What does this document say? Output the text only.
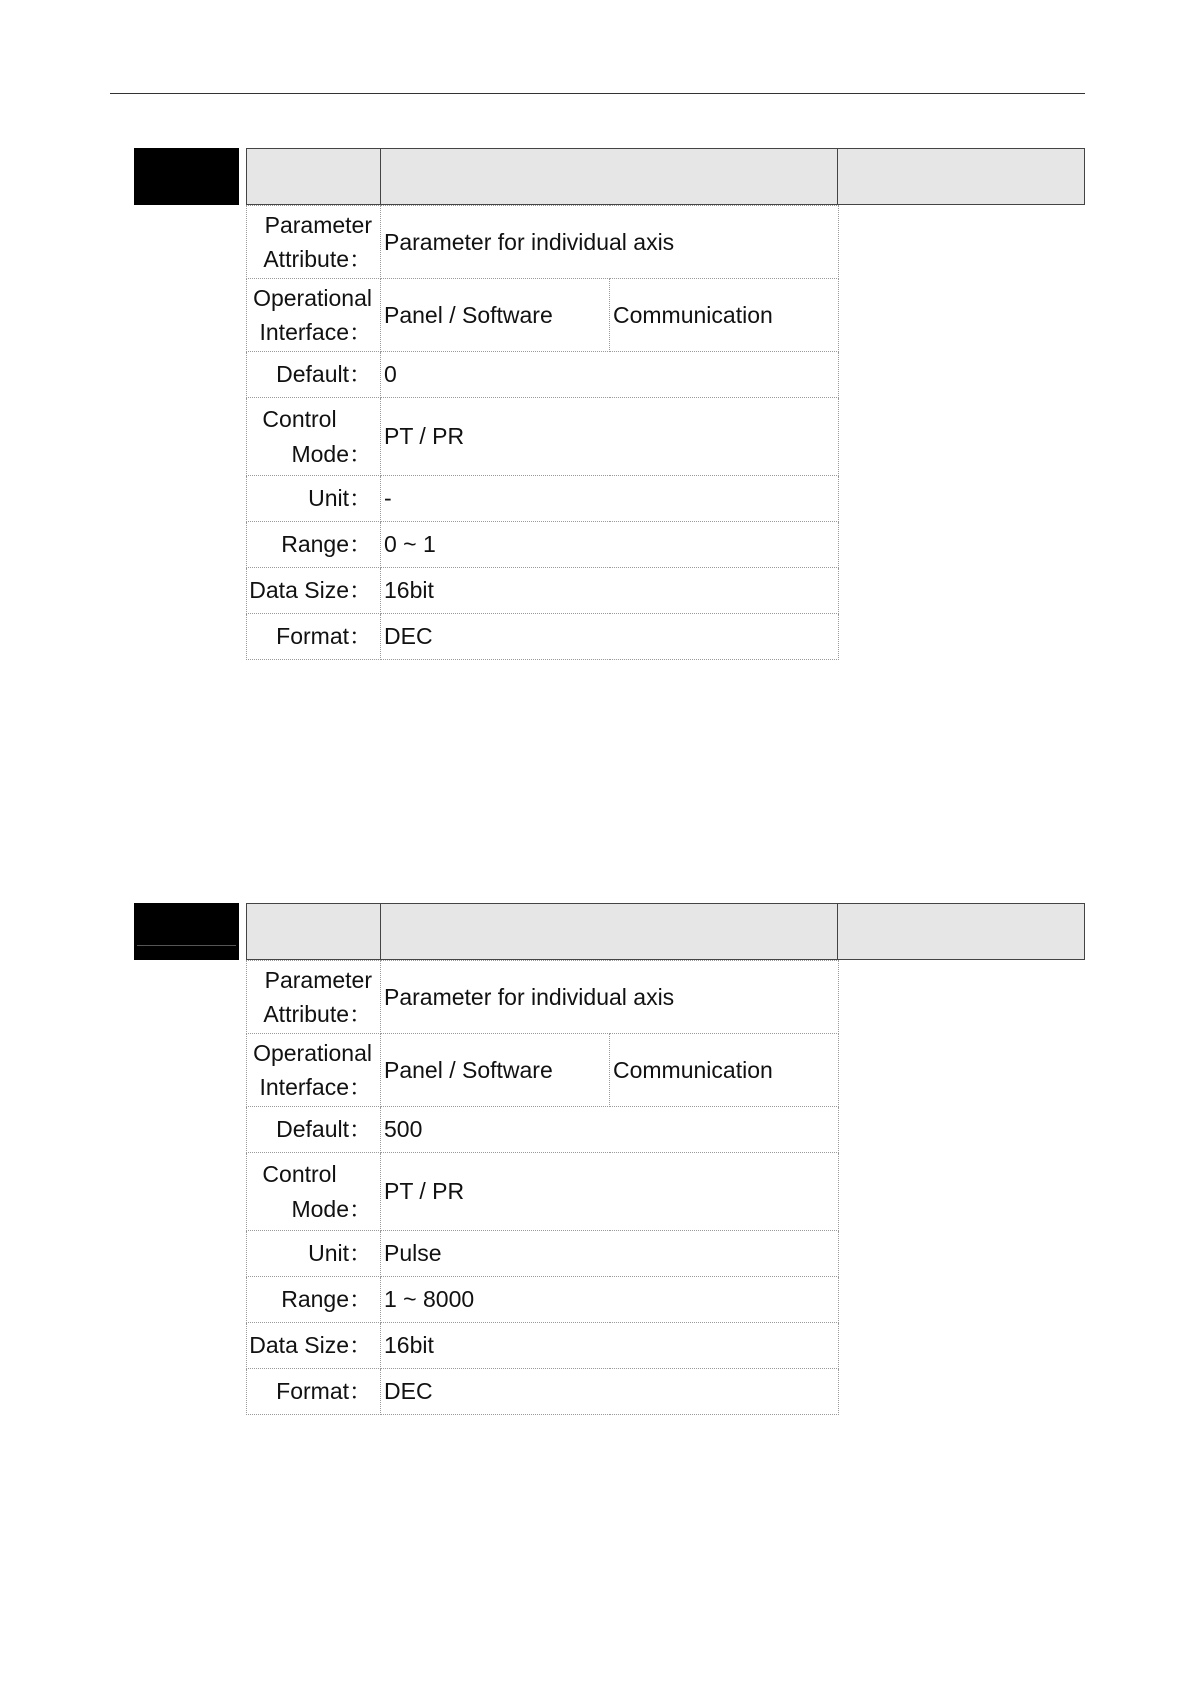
Parameter
Attribute：	Parameter for individual axis	

Operational
Interface：	Panel / Software	Communication
Default：	0	

Control
Mode：	PT / PR	
Unit：	-	
Range：	0 ~ 1	
Data Size：	16bit	
Format：	DEC	
Parameter
Attribute：	Parameter for individual axis	

Operational
Interface：	Panel / Software	Communication
Default：	500	

Control
Mode：	PT / PR	
Unit：	Pulse	
Range：	1 ~ 8000	
Data Size：	16bit	
Format：	DEC	
